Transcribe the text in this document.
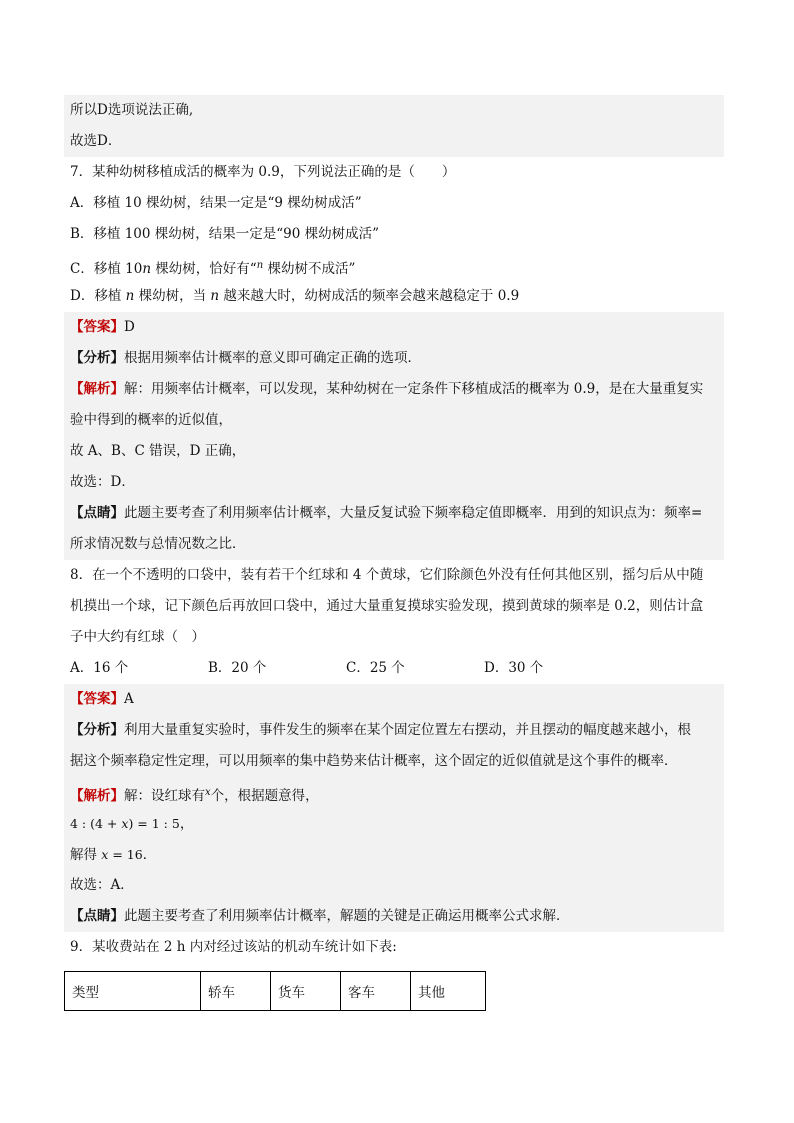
所以D选项说法正确,
故选D．
7．某种幼树移植成活的概率为 0.9，下列说法正确的是（　　）
A．移植 10 棵幼树，结果一定是“9 棵幼树成活”
B．移植 100 棵幼树，结果一定是“90 棵幼树成活”
C．移植 10n 棵幼树，恰好有“$^n$ 棵幼树不成活”
D．移植 n 棵幼树，当 n 越来越大时，幼树成活的频率会越来越稳定于 0.9
【答案】D
【分析】根据用频率估计概率的意义即可确定正确的选项．
【解析】解：用频率估计概率，可以发现，某种幼树在一定条件下移植成活的概率为 0.9，是在大量重复实
验中得到的概率的近似值，
故 A、B、C 错误，D 正确，
故选：D．
【点睛】此题主要考查了利用频率估计概率，大量反复试验下频率稳定值即概率．用到的知识点为：频率=
所求情况数与总情况数之比．
8．在一个不透明的口袋中，装有若干个红球和 4 个黄球，它们除颜色外没有任何其他区别，摇匀后从中随
机摸出一个球，记下颜色后再放回口袋中，通过大量重复摸球实验发现，摸到黄球的频率是 0.2，则估计盒
子中大约有红球（　）
A．16 个	B．20 个	C．25 个	D．30 个
【答案】A
【分析】利用大量重复实验时，事件发生的频率在某个固定位置左右摆动，并且摆动的幅度越来越小，根
据这个频率稳定性定理，可以用频率的集中趋势来估计概率，这个固定的近似值就是这个事件的概率．
【解析】解：设红球有$^x$个，根据题意得，
4 : (4 + x) = 1 : 5，
解得 x = 16．
故选：A．
【点睛】此题主要考查了利用频率估计概率，解题的关键是正确运用概率公式求解．
9．某收费站在 2 h 内对经过该站的机动车统计如下表:
类型	轿车	货车	客车	其他
